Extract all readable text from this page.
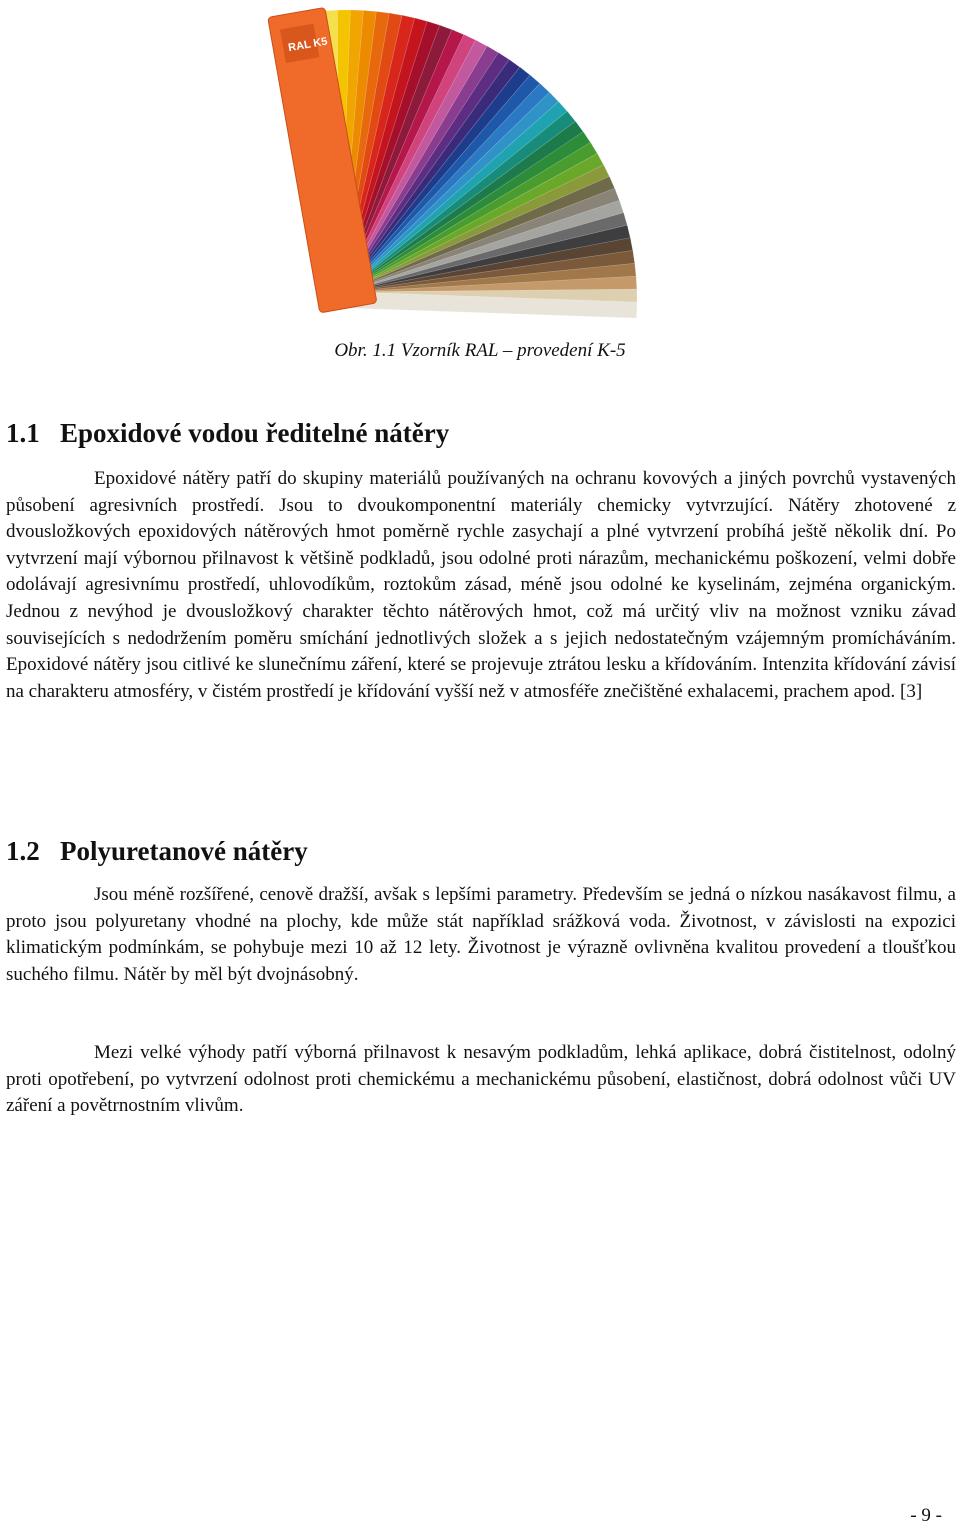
RAL K5
Obr. 1.1 Vzorník RAL – provedení K-5
1.1 Epoxidové vodou ředitelné nátěry

Epoxidové nátěry patří do skupiny materiálů používaných na ochranu kovových a jiných povrchů vystavených působení agresivních prostředí. Jsou to dvoukomponentní materiály chemicky vytvrzující. Nátěry zhotovené z dvousložkových epoxidových nátěrových hmot poměrně rychle zasychají a plné vytvrzení probíhá ještě několik dní. Po vytvrzení mají výbornou přilnavost k většině podkladů, jsou odolné proti nárazům, mechanickému poškození, velmi dobře odolávají agresivnímu prostředí, uhlovodíkům, roztokům zásad, méně jsou odolné ke kyselinám, zejména organickým. Jednou z nevýhod je dvousložkový charakter těchto nátěrových hmot, což má určitý vliv na možnost vzniku závad souvisejících s nedodržením poměru smíchání jednotlivých složek a s jejich nedostatečným vzájemným promícháváním. Epoxidové nátěry jsou citlivé ke slunečnímu záření, které se projevuje ztrátou lesku a křídováním. Intenzita křídování závisí na charakteru atmosféry, v čistém prostředí je křídování vyšší než v atmosféře znečištěné exhalacemi, prachem apod. [3]

1.2 Polyuretanové nátěry

Jsou méně rozšířené, cenově dražší, avšak s lepšími parametry. Především se jedná o nízkou nasákavost filmu, a proto jsou polyuretany vhodné na plochy, kde může stát například srážková voda. Životnost, v závislosti na expozici klimatickým podmínkám, se pohybuje mezi 10 až 12 lety. Životnost je výrazně ovlivněna kvalitou provedení a tloušťkou suchého filmu. Nátěr by měl být dvojnásobný.

Mezi velké výhody patří výborná přilnavost k nesavým podkladům, lehká aplikace, dobrá čistitelnost, odolný proti opotřebení, po vytvrzení odolnost proti chemickému a mechanickému působení, elastičnost, dobrá odolnost vůči UV záření a povětrnostním vlivům.

- 9 -
